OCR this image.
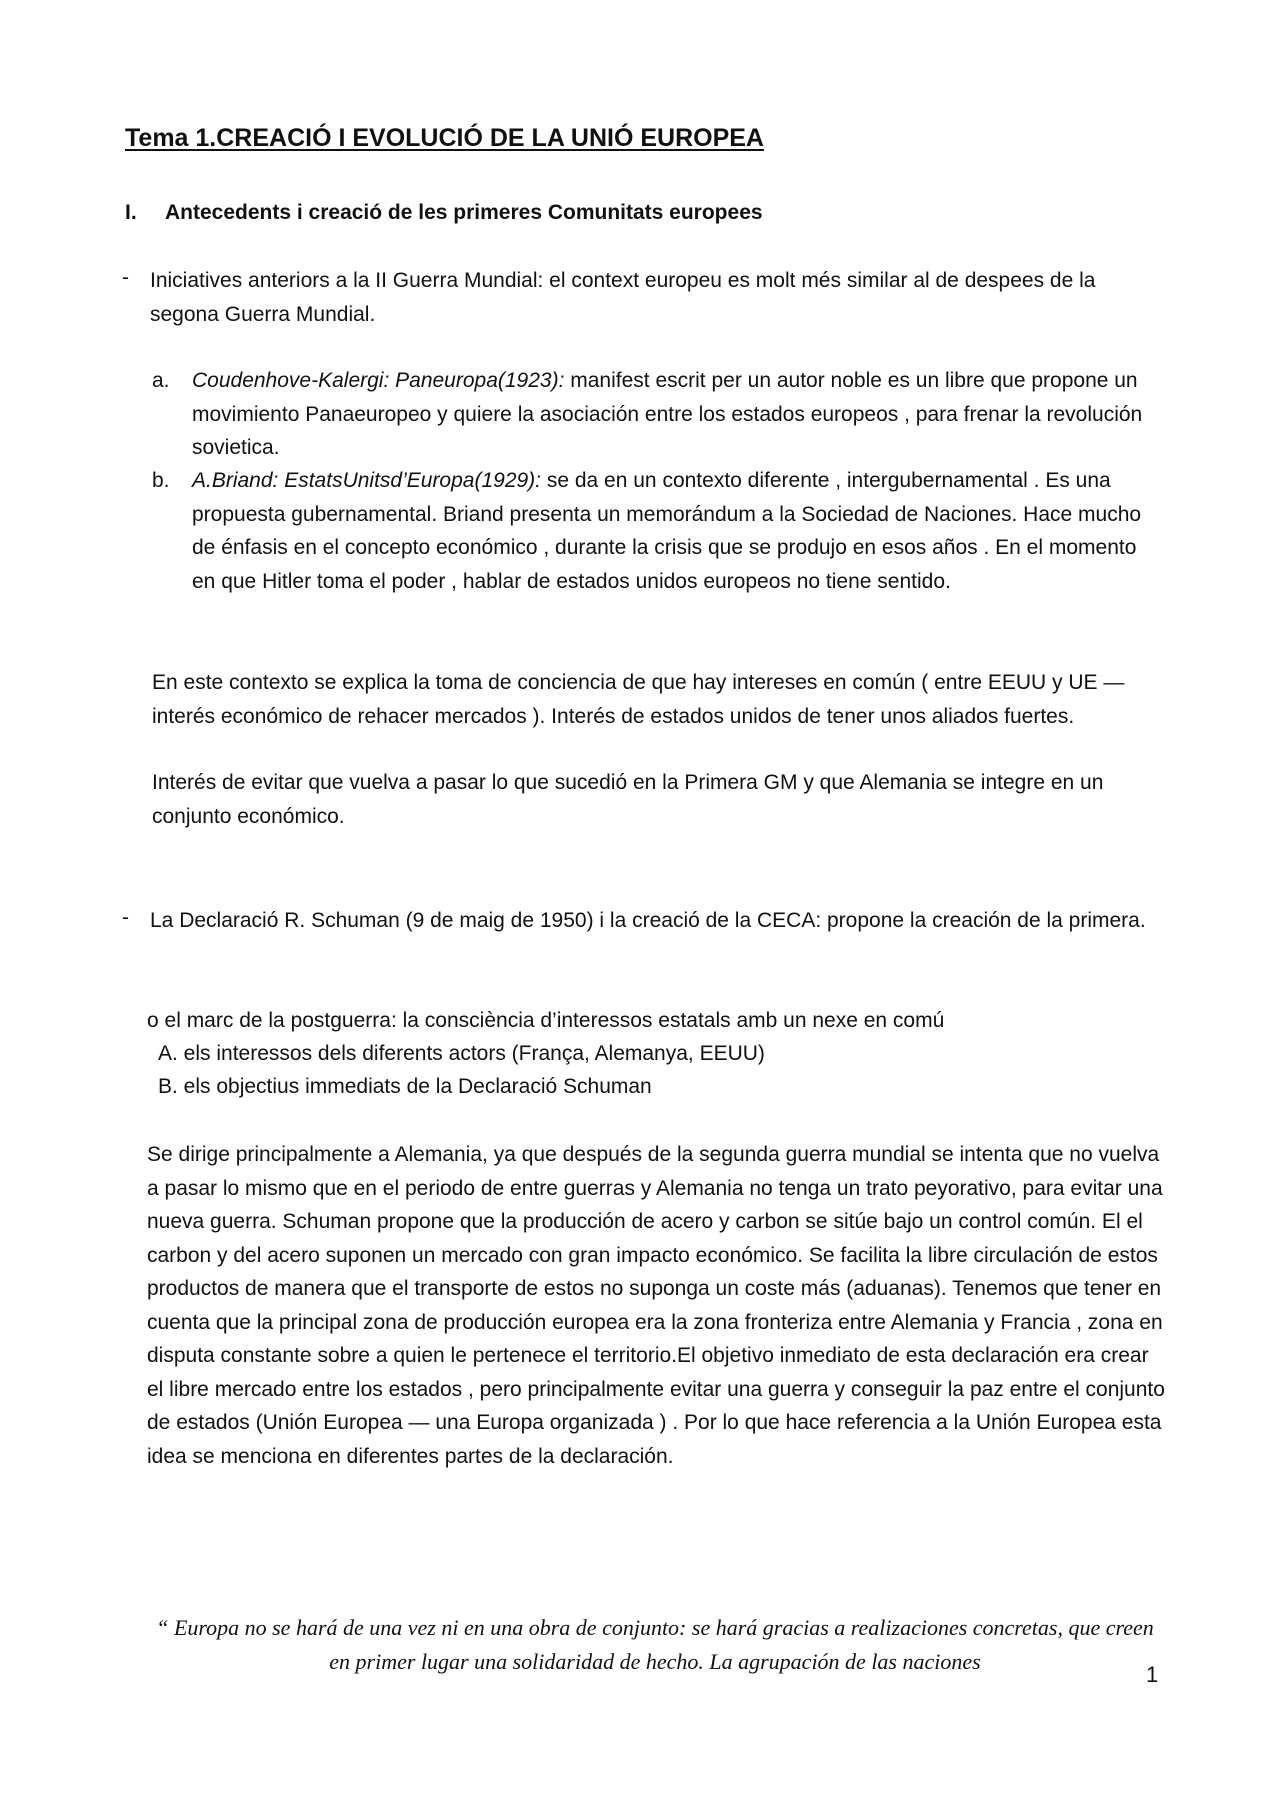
Tema 1.CREACIÓ I EVOLUCIÓ DE LA UNIÓ EUROPEA
I. Antecedents i creació de les primeres Comunitats europees
- Iniciatives anteriors a la II Guerra Mundial: el context europeu es molt més similar al de despees de la segona Guerra Mundial.

a. Coudenhove-Kalergi: Paneuropa(1923): manifest escrit per un autor noble es un libre que propone un movimiento Panaeuropeo y quiere la asociación entre los estados europeos , para frenar la revolución sovietica.

b. A.Briand: EstatsUnitsd’Europa(1929): se da en un contexto diferente , intergubernamental . Es una propuesta gubernamental. Briand presenta un memorándum a la Sociedad de Naciones. Hace mucho de énfasis en el concepto económico , durante la crisis que se produjo en esos años . En el momento en que Hitler toma el poder , hablar de estados unidos europeos no tiene sentido.

En este contexto se explica la toma de conciencia de que hay intereses en común ( entre EEUU y UE — interés económico de rehacer mercados ). Interés de estados unidos de tener unos aliados fuertes.

Interés de evitar que vuelva a pasar lo que sucedió en la Primera GM y que Alemania se integre en un conjunto económico.

- La Declaració R. Schuman (9 de maig de 1950) i la creació de la CECA: propone la creación de la primera.

o el marc de la postguerra: la consciència d’interessos estatals amb un nexe en comú

A. els interessos dels diferents actors (França, Alemanya, EEUU)

B. els objectius immediats de la Declaració Schuman

Se dirige principalmente a Alemania, ya que después de la segunda guerra mundial se intenta que no vuelva a pasar lo mismo que en el periodo de entre guerras y Alemania no tenga un trato peyorativo, para evitar una nueva guerra. Schuman propone que la producción de acero y carbon se sitúe bajo un control común. El el carbon y del acero suponen un mercado con gran impacto económico. Se facilita la libre circulación de estos productos de manera que el transporte de estos no suponga un coste más (aduanas). Tenemos que tener en cuenta que la principal zona de producción europea era la zona fronteriza entre Alemania y Francia , zona en disputa constante sobre a quien le pertenece el territorio.El objetivo inmediato de esta declaración era crear el libre mercado entre los estados , pero principalmente evitar una guerra y conseguir la paz entre el conjunto de estados (Unión Europea — una Europa organizada ) . Por lo que hace referencia a la Unión Europea esta idea se menciona en diferentes partes de la declaración.

“ Europa no se hará de una vez ni en una obra de conjunto: se hará gracias a realizaciones concretas, que creen en primer lugar una solidaridad de hecho. La agrupación de las naciones

1
